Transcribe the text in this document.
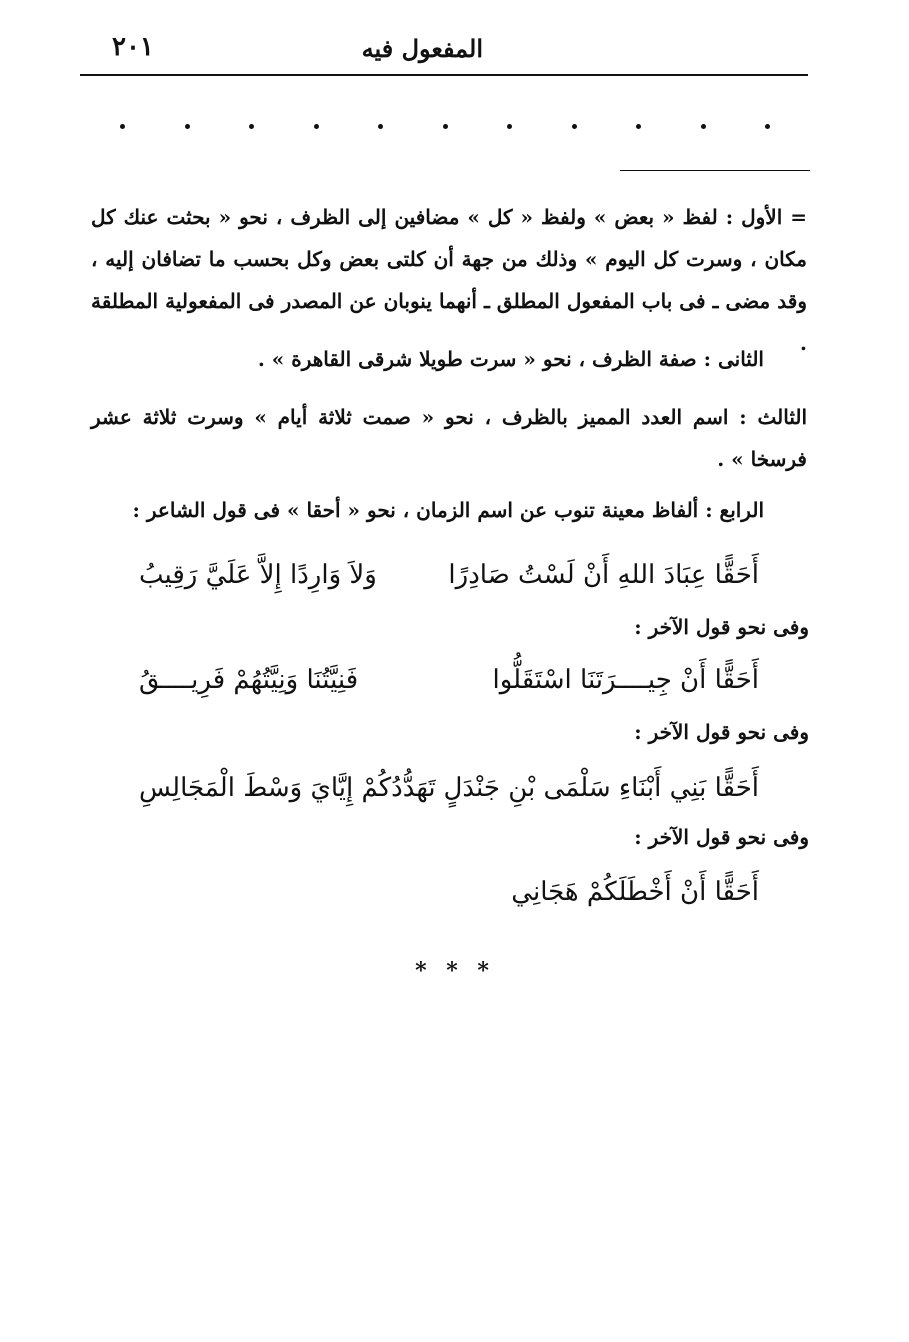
المفعول فيه
٢٠١

= الأول : لفظ « بعض » ولفظ « كل » مضافين إلى الظرف ، نحو « بحثت عنك كل مكان ، وسرت كل اليوم » وذلك من جهة أن كلتى بعض وكل بحسب ما تضافان إليه ، وقد مضى ـ فى باب المفعول المطلق ـ أنهما ينوبان عن المصدر فى المفعولية المطلقة .

الثانى : صفة الظرف ، نحو « سرت طويلا شرقى القاهرة » .

الثالث : اسم العدد المميز بالظرف ، نحو « صمت ثلاثة أيام » وسرت ثلاثة عشر فرسخا » .

الرابع : ألفاظ معينة تنوب عن اسم الزمان ، نحو « أحقا » فى قول الشاعر :

أَحَقًّا عِبَادَ اللهِ أَنْ لَسْتُ صَادِرًا
وَلاَ وَارِدًا إِلاَّ عَلَيَّ رَقِيبُ
وفى نحو قول الآخر :
أَحَقًّا أَنْ جِيــــرَتَنَا اسْتَقَلُّوا
فَنِيَّتُنَا وَنِيَّتُهُمْ فَرِيــــقُ
وفى نحو قول الآخر :
أَحَقًّا بَنِي أَبْنَاءِ سَلْمَى بْنِ جَنْدَلٍ
تَهَدُّدُكُمْ إِيَّايَ وَسْطَ الْمَجَالِسِ
وفى نحو قول الآخر :
أَحَقًّا أَنْ أَخْطَلَكُمْ هَجَانِي
* * *
